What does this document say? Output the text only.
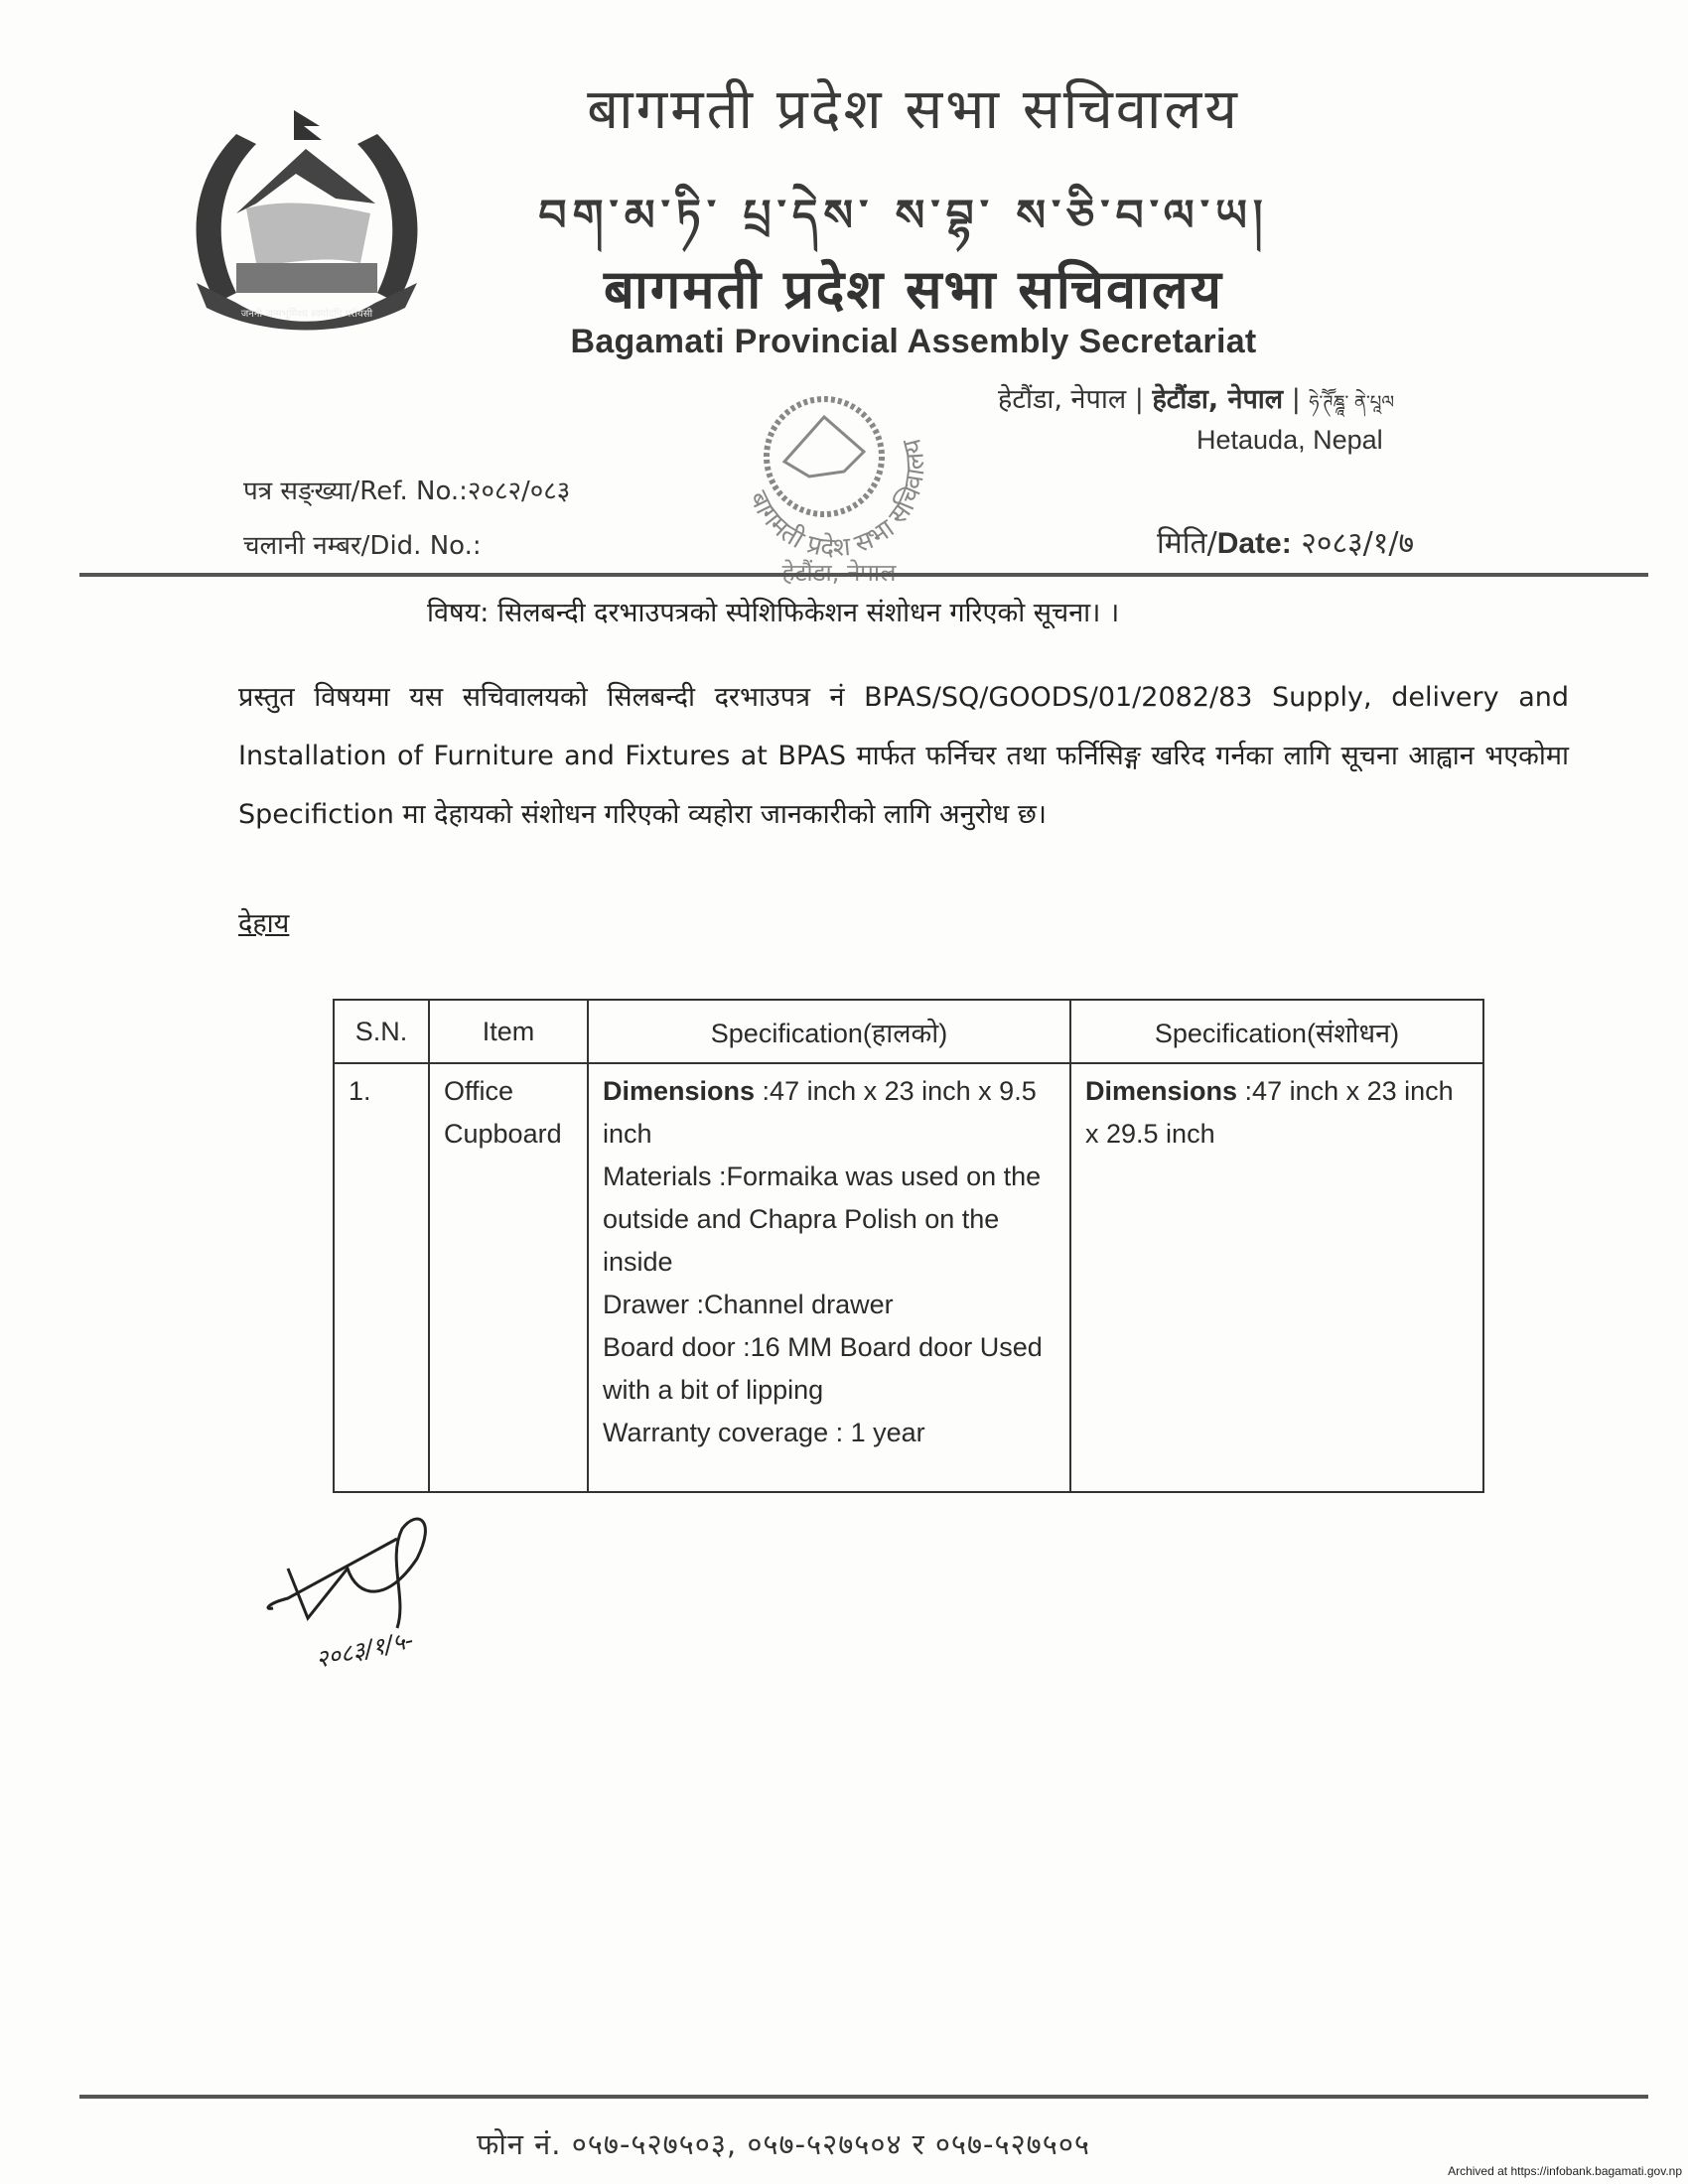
जननी जन्मभूमिश्च स्वर्गादपि गरीयसी
बागमती प्रदेश सभा सचिवालय
བག་མ་ཏི་ པྲ་དེས་ ས་བྷ་ ས་ཅི་བ་ལ་ཡ།
बागमती प्रदेश सभा सचिवालय
Bagamati Provincial Assembly Secretariat
हेटौंडा, नेपाल | हेटौंडा, नेपाल | ཧེ་ཊཽཎྜཱ་ ནེ་པཱལ
Hetauda, Nepal
बागमती प्रदेश सभा सचिवालय
पत्र सङ्ख्या/Ref. No.:२०८२/०८३
चलानी नम्बर/Did. No.:	मिति/Date: २०८३/१/७
विषय: सिलबन्दी दरभाउपत्रको स्पेशिफिकेशन संशोधन गरिएको सूचना। ।
प्रस्तुत विषयमा यस सचिवालयको सिलबन्दी दरभाउपत्र नं BPAS/SQ/GOODS/01/2082/83 Supply, delivery and Installation of Furniture and Fixtures at BPAS मार्फत फर्निचर तथा फर्निसिङ्ग खरिद गर्नका लागि सूचना आह्वान भएकोमा Specifiction मा देहायको संशोधन गरिएको व्यहोरा जानकारीको लागि अनुरोध छ।
देहाय
S.N.	Item	Specification(हालको)	Specification(संशोधन)
1.	Office Cupboard	Dimensions :47 inch x 23 inch x 9.5 inch
Materials :Formaika was used on the outside and Chapra Polish on the inside
Drawer :Channel drawer
Board door :16 MM Board door Used with a bit of lipping
Warranty coverage : 1 year	Dimensions :47 inch x 23 inch x 29.5 inch
२०८३/१/५-
फोन नं. ०५७-५२७५०३, ०५७-५२७५०४ र ०५७-५२७५०५
Archived at https://infobank.bagamati.gov.np
